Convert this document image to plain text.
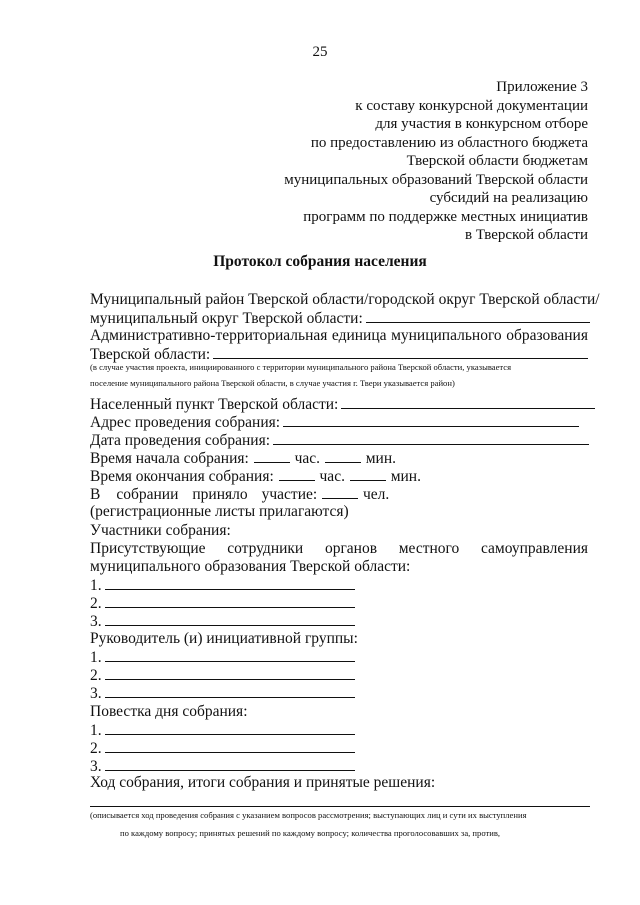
25
Приложение 3
к составу конкурсной документации
для участия в конкурсном отборе
по предоставлению из областного бюджета
Тверской области бюджетам
муниципальных образований Тверской области
субсидий на реализацию
программ по поддержке местных инициатив
в Тверской области
Протокол собрания населения
Муниципальный район Тверской области/городской округ Тверской области/
муниципальный округ Тверской области:
Административно-территориальная единица муниципального образования
Тверской области:
(в случае участия проекта, инициированного с территории муниципального района Тверской области, указывается
поселение муниципального района Тверской области, в случае участия г. Твери указывается район)
Населенный пункт Тверской области:
Адрес проведения собрания:
Дата проведения собрания:
Время начала собрания:	час.	мин.
Время окончания собрания:	час.	мин.
В собрании приняло участие:	чел.
(регистрационные листы прилагаются)
Участники собрания:
Присутствующие сотрудники органов местного самоуправления
муниципального образования Тверской области:
1.
2.
3.
Руководитель (и) инициативной группы:
1.
2.
3.
Повестка дня собрания:
1.
2.
3.
Ход собрания, итоги собрания и принятые решения:
(описывается ход проведения собрания с указанием вопросов рассмотрения; выступающих лиц и сути их выступления
по каждому вопросу; принятых решений по каждому вопросу; количества проголосовавших за, против,
